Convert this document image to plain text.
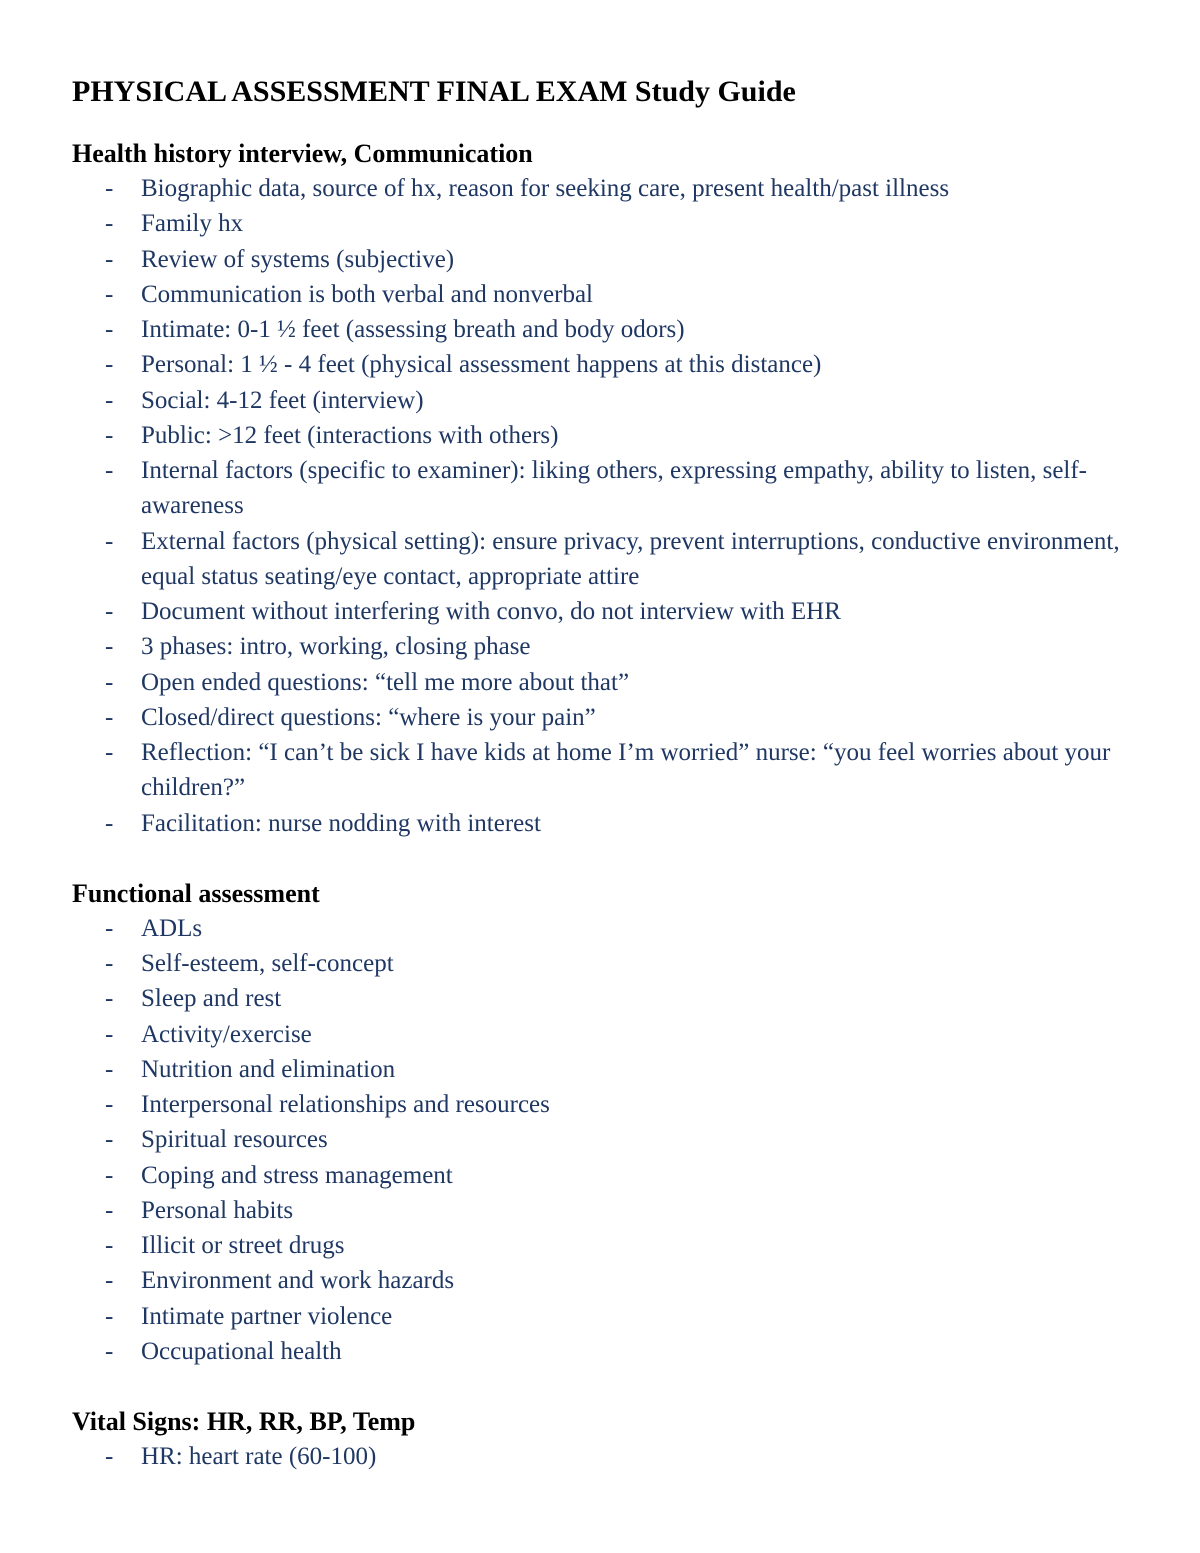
PHYSICAL ASSESSMENT FINAL EXAM Study Guide
Health history interview, Communication
- Biographic data, source of hx, reason for seeking care, present health/past illness
- Family hx
- Review of systems (subjective)
- Communication is both verbal and nonverbal
- Intimate: 0-1 ½ feet (assessing breath and body odors)
- Personal: 1 ½ - 4 feet (physical assessment happens at this distance)
- Social: 4-12 feet (interview)
- Public: >12 feet (interactions with others)
- Internal factors (specific to examiner): liking others, expressing empathy, ability to listen, self-awareness
- External factors (physical setting): ensure privacy, prevent interruptions, conductive environment, equal status seating/eye contact, appropriate attire
- Document without interfering with convo, do not interview with EHR
- 3 phases: intro, working, closing phase
- Open ended questions: “tell me more about that”
- Closed/direct questions: “where is your pain”
- Reflection: “I can’t be sick I have kids at home I’m worried” nurse: “you feel worries about your children?”
- Facilitation: nurse nodding with interest
Functional assessment
- ADLs
- Self-esteem, self-concept
- Sleep and rest
- Activity/exercise
- Nutrition and elimination
- Interpersonal relationships and resources
- Spiritual resources
- Coping and stress management
- Personal habits
- Illicit or street drugs
- Environment and work hazards
- Intimate partner violence
- Occupational health
Vital Signs: HR, RR, BP, Temp
- HR: heart rate (60-100)
